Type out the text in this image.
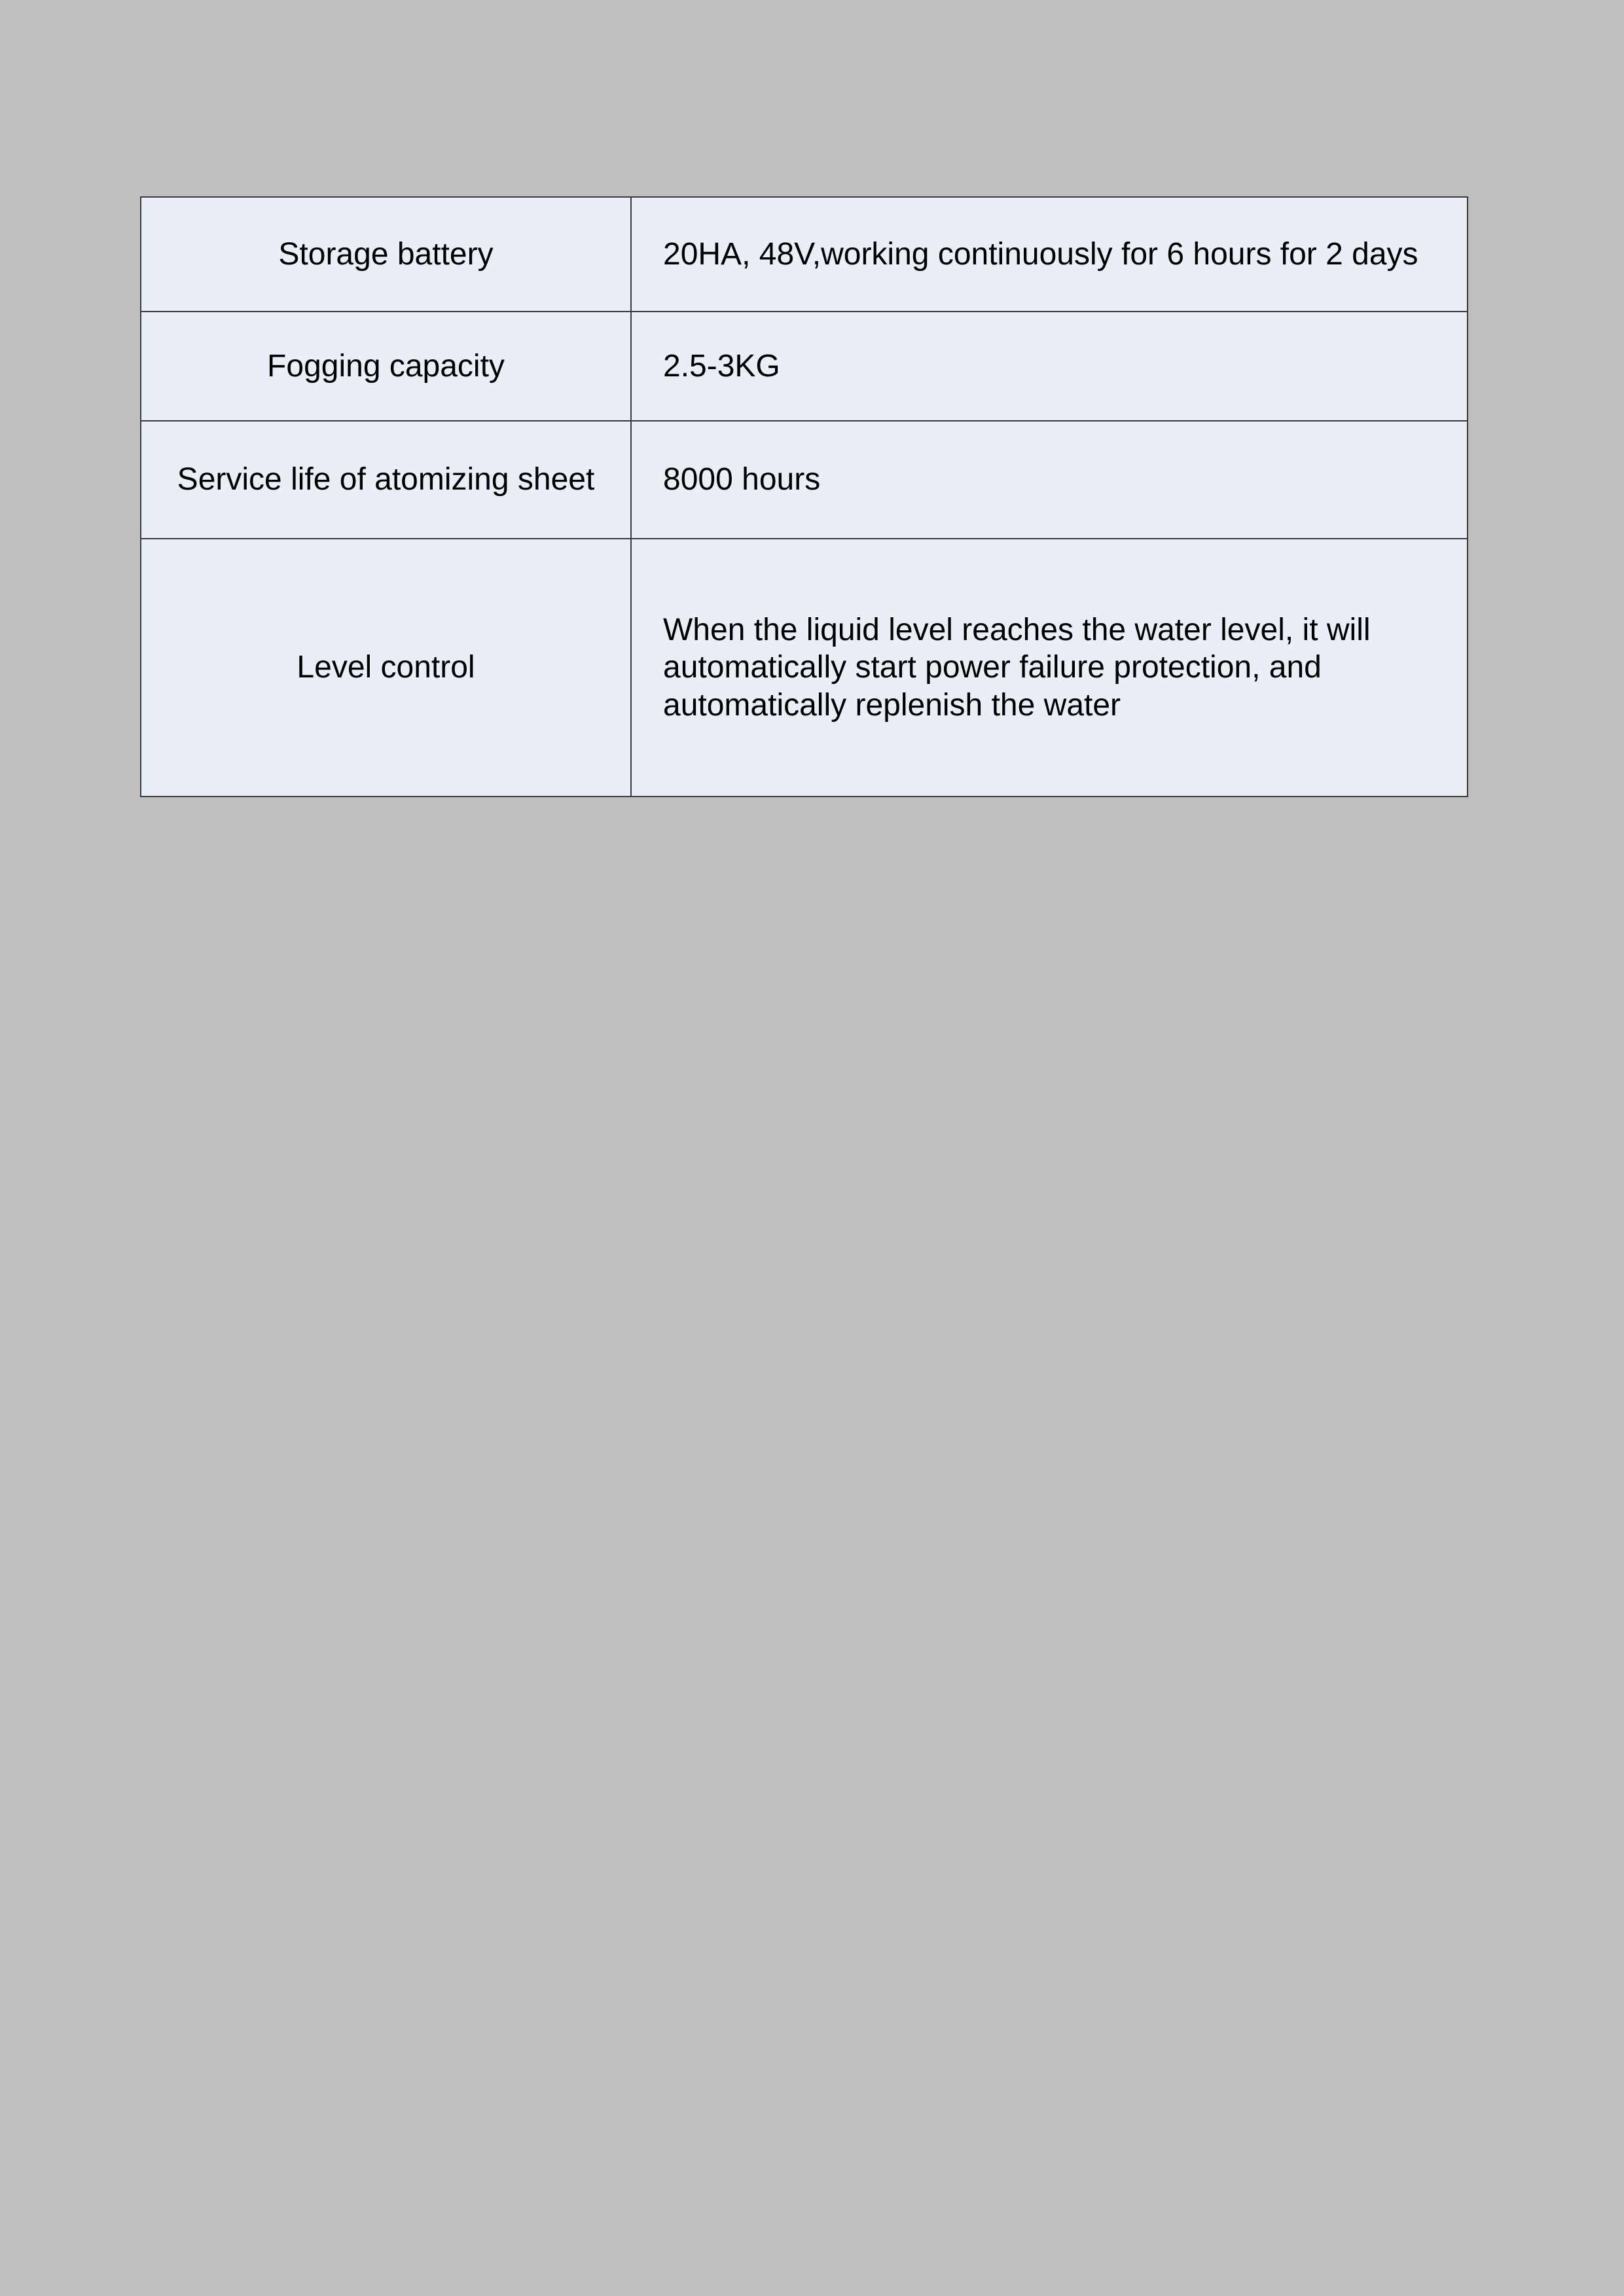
Storage battery	20HA, 48V,working continuously for 6 hours for 2 days
Fogging capacity	2.5-3KG
Service life of atomizing sheet	8000 hours
Level control	When the liquid level reaches the water level, it will
automatically start power failure protection, and
automatically replenish the water
